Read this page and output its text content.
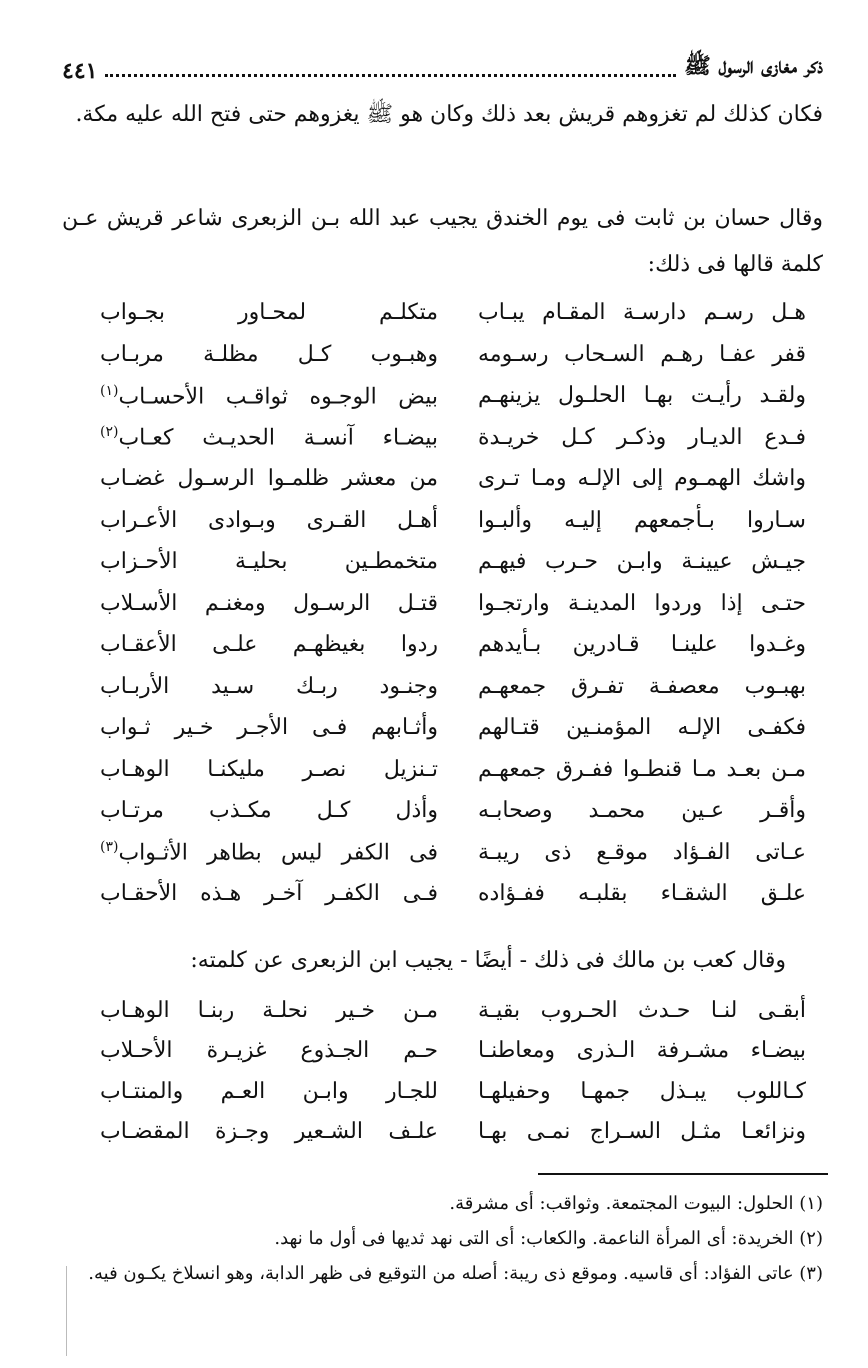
ذكر مغازى الرسول ﷺ
٤٤١
فكان كذلك لم تغزوهم قريش بعد ذلك وكان هو ﷺ يغزوهم حتى فتح الله عليه مكة.
وقال حسان بن ثابت فى يوم الخندق يجيب عبد الله بـن الزبعرى شاعر قريش عـن كلمة قالها فى ذلك:
هـل رسـم دارسـة المقـام يبـاب
متكلـم لمحـاور بجـواب
قفر عفـا رهـم السـحاب رسـومه
وهبـوب كـل مظلـة مربـاب
ولقـد رأيـت بهـا الحلـول يزينهـم
بيض الوجـوه ثواقـب الأحسـاب$^{(١)}$
فـدع الديـار وذكـر كـل خريـدة
بيضـاء آنسـة الحديـث كعـاب$^{(٢)}$
واشك الهمـوم إلى الإلـه ومـا تـرى
من معشر ظلمـوا الرسـول غضـاب
سـاروا بـأجمعهم إليـه وألبـوا
أهـل القـرى وبـوادى الأعـراب
جيـش عيينـة وابـن حـرب فيهـم
متخمطـين بحليـة الأحـزاب
حتـى إذا وردوا المدينـة وارتجـوا
قتـل الرسـول ومغنـم الأسـلاب
وغـدوا علينـا قـادرين بـأيدهم
ردوا بغيظهـم علـى الأعقـاب
بهبـوب معصفـة تفـرق جمعهـم
وجنـود ربـك سـيد الأربـاب
فكفـى الإلـه المؤمنـين قتـالهم
وأثـابهم فـى الأجـر خـير ثـواب
مـن بعـد مـا قنطـوا ففـرق جمعهـم
تـنزيل نصـر مليكنـا الوهـاب
وأقـر عـين محمـد وصحابـه
وأذل كـل مكـذب مرتـاب
عـاتى الفـؤاد موقـع ذى ريبـة
فى الكفر ليس بطاهر الأثـواب$^{(٣)}$
علـق الشقـاء بقلبـه ففـؤاده
فـى الكفـر آخـر هـذه الأحقـاب
وقال كعب بن مالك فى ذلك - أيضًا - يجيب ابن الزبعرى عن كلمته:
أبقـى لنـا حـدث الحـروب بقيـة
مـن خـير نحلـة ربنـا الوهـاب
بيضـاء مشـرفة الـذرى ومعاطنـا
حـم الجـذوع غزيـرة الأحـلاب
كـاللوب يبـذل جمهـا وحفيلهـا
للجـار وابـن العـم والمنتـاب
ونزائعـا مثـل السـراج نمـى بهـا
علـف الشـعير وجـزة المقضـاب
(١) الحلول: البيوت المجتمعة. وثواقب: أى مشرقة.
(٢) الخريدة: أى المرأة الناعمة. والكعاب: أى التى نهد ثديها فى أول ما نهد.
(٣) عاتى الفؤاد: أى قاسيه. وموقع ذى ريبة: أصله من التوقيع فى ظهر الدابة، وهو انسلاخ يكـون فيه.
